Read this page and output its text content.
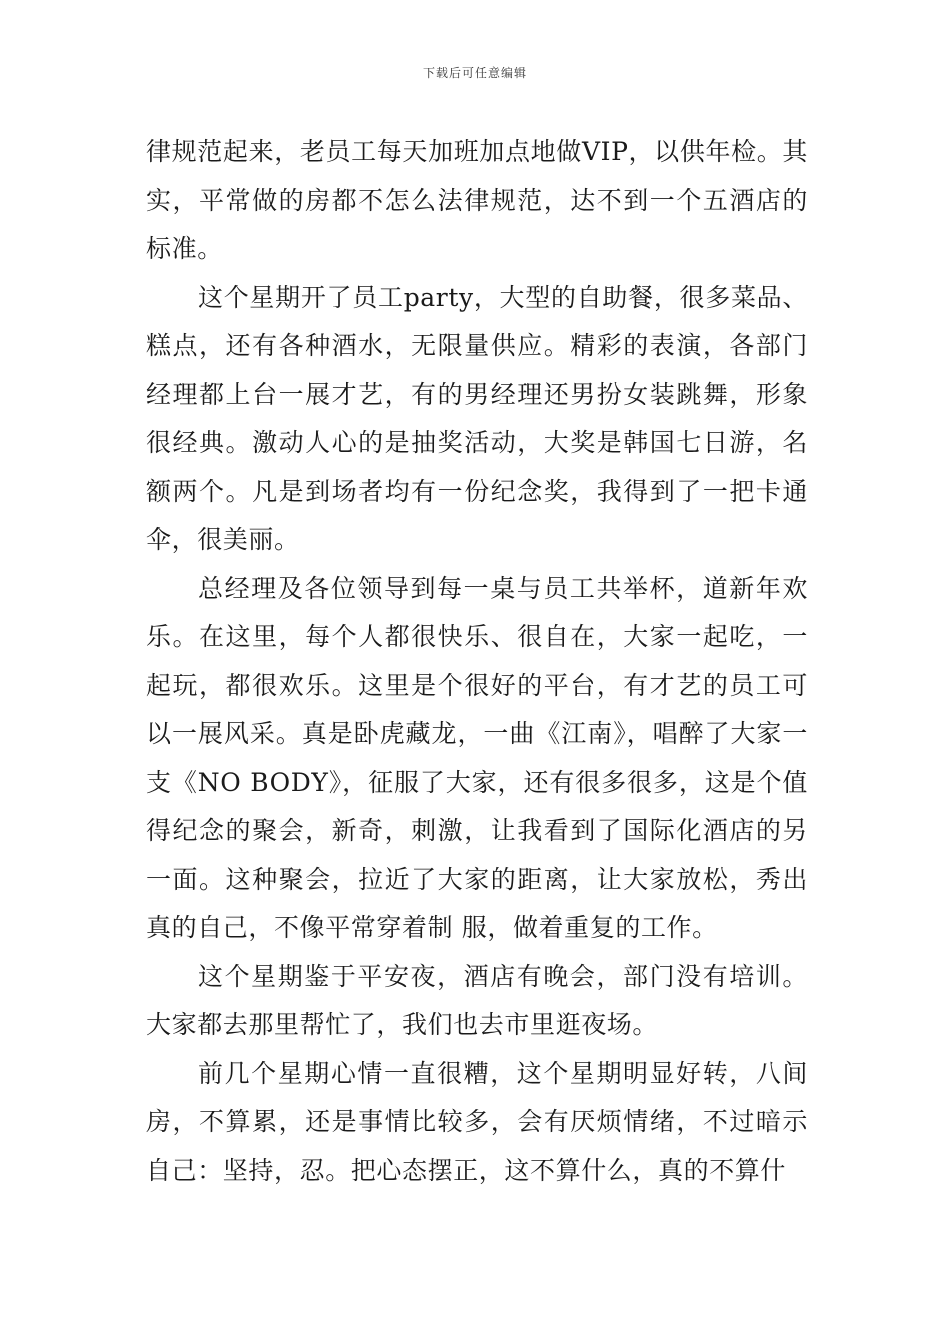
下载后可任意编辑

律规范起来，老员工每天加班加点地做VIP，以供年检。其实，平常做的房都不怎么法律规范，达不到一个五酒店的标准。

这个星期开了员工party，大型的自助餐，很多菜品、糕点，还有各种酒水，无限量供应。精彩的表演，各部门经理都上台一展才艺，有的男经理还男扮女装跳舞，形象很经典。激动人心的是抽奖活动，大奖是韩国七日游，名额两个。凡是到场者均有一份纪念奖，我得到了一把卡通伞，很美丽。

总经理及各位领导到每一桌与员工共举杯，道新年欢乐。在这里，每个人都很快乐、很自在，大家一起吃，一起玩，都很欢乐。这里是个很好的平台，有才艺的员工可以一展风采。真是卧虎藏龙，一曲《江南》，唱醉了大家一支《NO BODY》，征服了大家，还有很多很多，这是个值得纪念的聚会，新奇，刺激，让我看到了国际化酒店的另一面。这种聚会，拉近了大家的距离，让大家放松，秀出真的自己，不像平常穿着制 服，做着重复的工作。

这个星期鉴于平安夜，酒店有晚会，部门没有培训。大家都去那里帮忙了，我们也去市里逛夜场。

前几个星期心情一直很糟，这个星期明显好转，八间房，不算累，还是事情比较多，会有厌烦情绪，不过暗示自己：坚持，忍。把心态摆正，这不算什么，真的不算什
